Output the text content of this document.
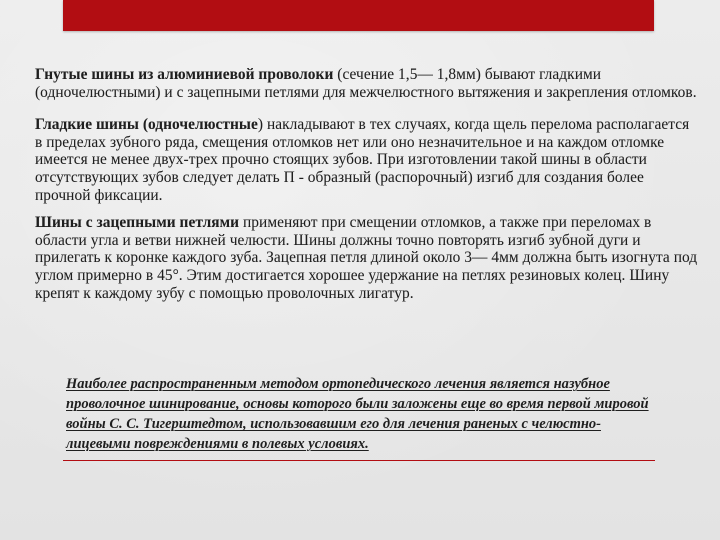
Гнутые шины из алюминиевой проволоки (сечение 1,5— 1,8мм) бывают гладкими (одночелюстными) и с зацепными петлями для межчелюстного вытяжения и закрепления отломков.

Гладкие шины (одночелюстные) накладывают в тех случаях, когда щель перелома располагается в пределах зубного ряда, смещения отломков нет или оно незначительное и на каждом отломке имеется не менее двух-трех прочно стоящих зубов. При изготовлении такой шины в области отсутствующих зубов следует делать П - образный (распорочный) изгиб для создания более прочной фиксации.

Шины с зацепными петлями применяют при смещении отломков, а также при переломах в области угла и ветви нижней челюсти. Шины должны точно повторять изгиб зубной дуги и прилегать к коронке каждого зуба. Зацепная петля длиной около 3— 4мм должна быть изогнута под углом примерно в 45°. Этим достигается хорошее удержание на петлях резиновых колец. Шину крепят к каждому зубу с помощью проволочных лигатур.

Наиболее распространенным методом ортопедического лечения является назубное проволочное шинирование, основы которого были заложены еще во время первой мировой войны С. С. Тигерштедтом, использовавшим его для лечения раненых с челюстно-лицевыми повреждениями в полевых условиях.
